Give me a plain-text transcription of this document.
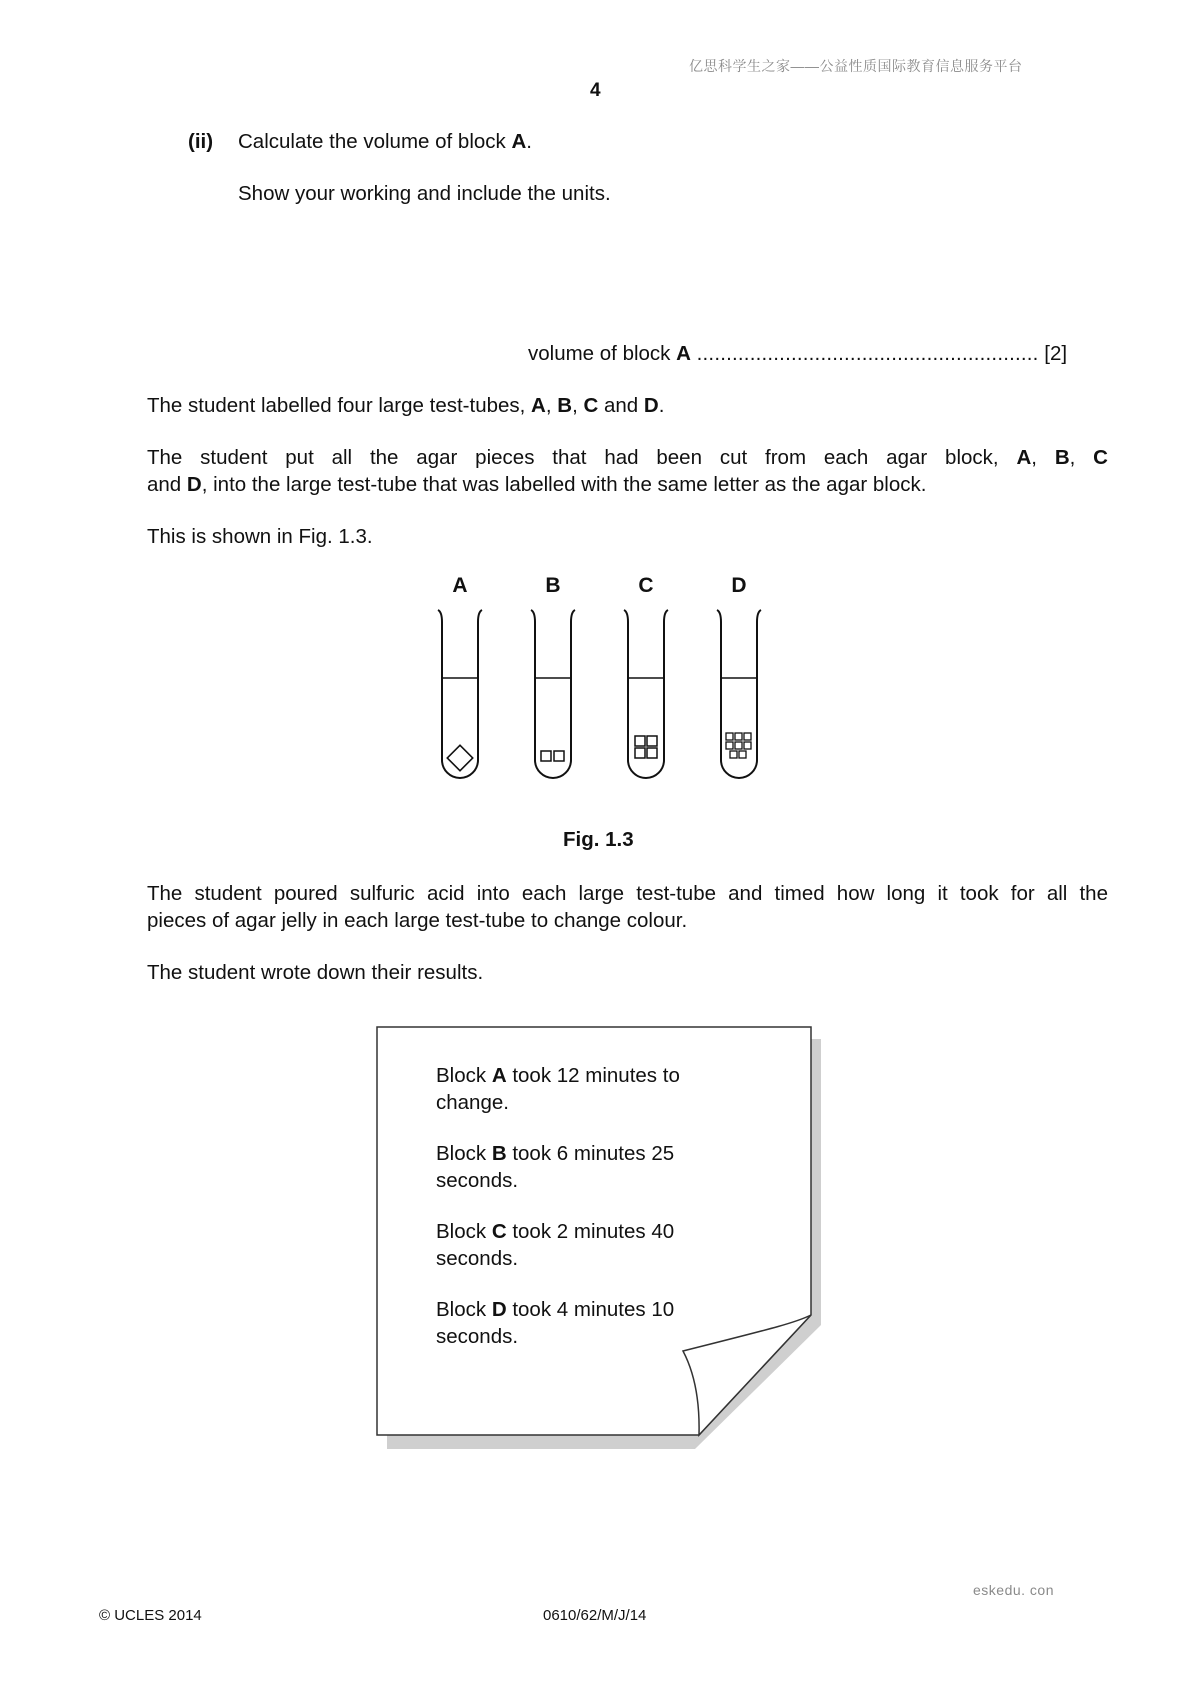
亿思科学生之家——公益性质国际教育信息服务平台
4
(ii) Calculate the volume of block A.
Show your working and include the units.
volume of block A .......................................................... [2]
The student labelled four large test-tubes, A, B, C and D.
The student put all the agar pieces that had been cut from each agar block, A, B, C
and D, into the large test-tube that was labelled with the same letter as the agar block.
This is shown in Fig. 1.3.
A	B	C	D
Fig. 1.3
The student poured sulfuric acid into each large test-tube and timed how long it took for all the
pieces of agar jelly in each large test-tube to change colour.
The student wrote down their results.
Block A took 12 minutes to
change.
Block B took 6 minutes 25
seconds.
Block C took 2 minutes 40
seconds.
Block D took 4 minutes 10
seconds.
eskedu. con
© UCLES 2014	0610/62/M/J/14
